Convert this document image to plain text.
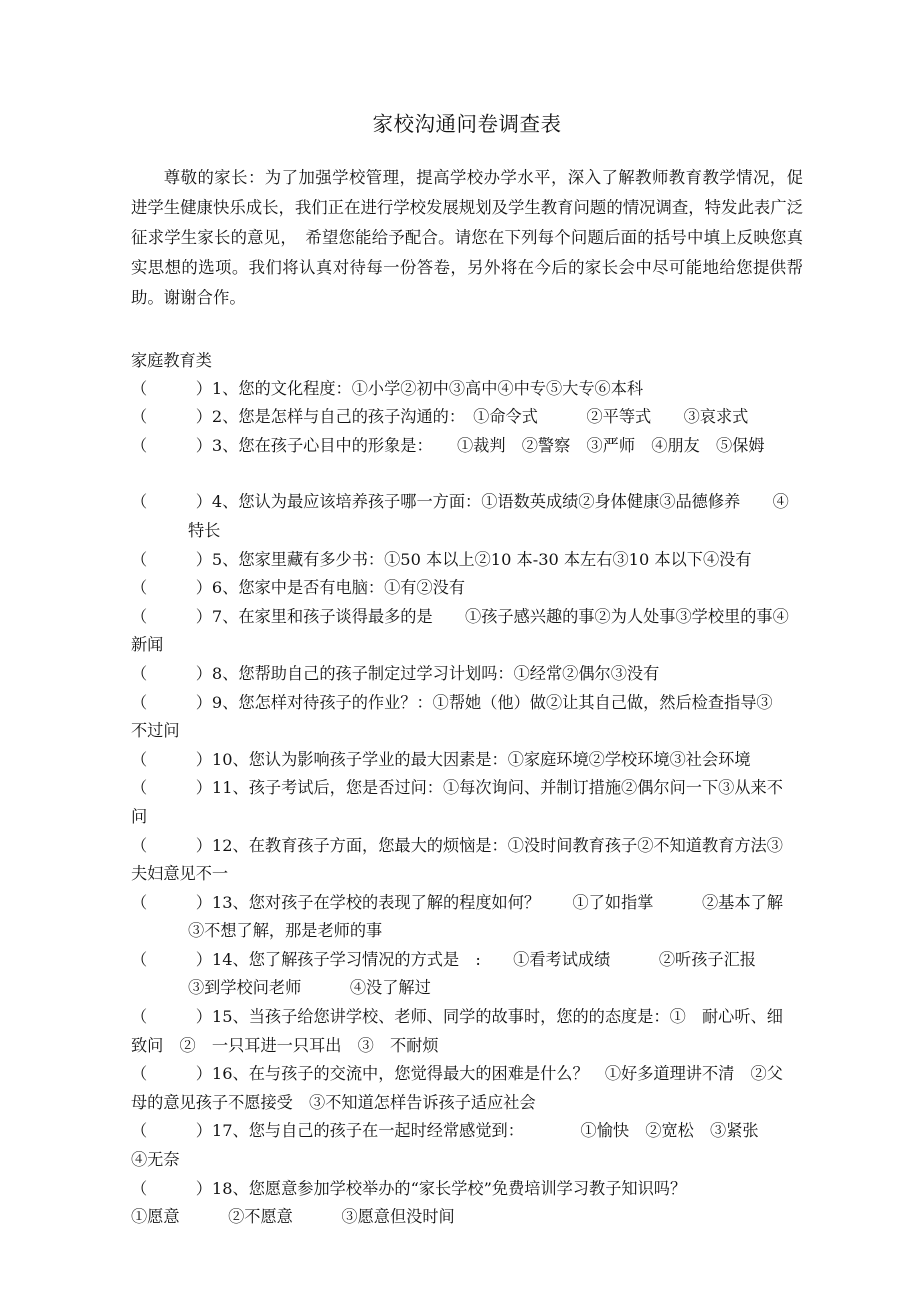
家校沟通问卷调查表

尊敬的家长：为了加强学校管理，提高学校办学水平，深入了解教师教育教学情况，促进学生健康快乐成长，我们正在进行学校发展规划及学生教育问题的情况调查，特发此表广泛征求学生家长的意见，　希望您能给予配合。请您在下列每个问题后面的括号中填上反映您真实思想的选项。我们将认真对待每一份答卷，另外将在今后的家长会中尽可能地给您提供帮助。谢谢合作。

家庭教育类
（　　　）1、您的文化程度：①小学②初中③高中④中专⑤大专⑥本科
（　　　）2、您是怎样与自己的孩子沟通的：　①命令式　　　②平等式　　③哀求式
（　　　）3、您在孩子心目中的形象是：　　①裁判　②警察　③严师　④朋友　⑤保姆
（　　　）4、您认为最应该培养孩子哪一方面：①语数英成绩②身体健康③品德修养　　④
特长
（　　　）5、您家里藏有多少书：①50 本以上②10 本-30 本左右③10 本以下④没有
（　　　）6、您家中是否有电脑：①有②没有
（　　　）7、在家里和孩子谈得最多的是　　①孩子感兴趣的事②为人处事③学校里的事④
新闻
（　　　）8、您帮助自己的孩子制定过学习计划吗：①经常②偶尔③没有
（　　　）9、您怎样对待孩子的作业？：①帮她（他）做②让其自己做，然后检查指导③
不过问
（　　　）10、您认为影响孩子学业的最大因素是：①家庭环境②学校环境③社会环境
（　　　）11、孩子考试后，您是否过问：①每次询问、并制订措施②偶尔问一下③从来不
问
（　　　）12、在教育孩子方面，您最大的烦恼是：①没时间教育孩子②不知道教育方法③
夫妇意见不一
（　　　）13、您对孩子在学校的表现了解的程度如何？　　①了如指掌　　　②基本了解
③不想了解，那是老师的事
（　　　）14、您了解孩子学习情况的方式是　:　　①看考试成绩　　　②听孩子汇报
③到学校问老师　　　④没了解过
（　　　）15、当孩子给您讲学校、老师、同学的故事时，您的的态度是：①　耐心听、细
致问　②　一只耳进一只耳出　③　不耐烦
（　　　）16、在与孩子的交流中，您觉得最大的困难是什么？　①好多道理讲不清　②父
母的意见孩子不愿接受　③不知道怎样告诉孩子适应社会
（　　　）17、您与自己的孩子在一起时经常感觉到：　　　　①愉快　②宽松　③紧张
④无奈
（　　　）18、您愿意参加学校举办的“家长学校”免费培训学习教子知识吗？
①愿意　　　②不愿意　　　③愿意但没时间
